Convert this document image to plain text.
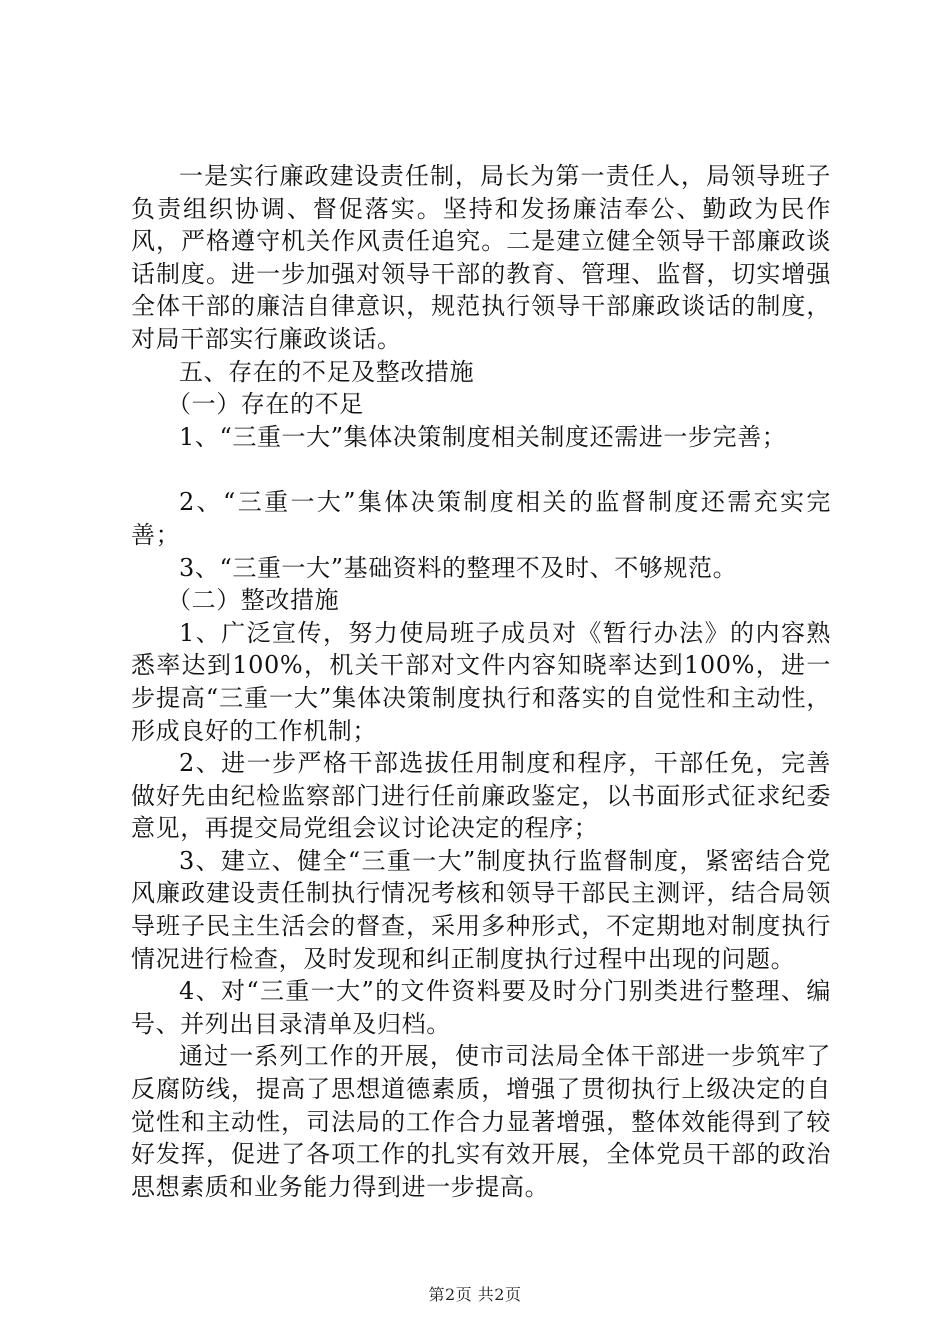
一是实行廉政建设责任制，局长为第一责任人，局领导班子负责组织协调、督促落实。坚持和发扬廉洁奉公、勤政为民作风，严格遵守机关作风责任追究。二是建立健全领导干部廉政谈话制度。进一步加强对领导干部的教育、管理、监督，切实增强全体干部的廉洁自律意识，规范执行领导干部廉政谈话的制度，对局干部实行廉政谈话。

五、存在的不足及整改措施

（一）存在的不足

1、“三重一大”集体决策制度相关制度还需进一步完善；

2、“三重一大”集体决策制度相关的监督制度还需充实完善；

3、“三重一大”基础资料的整理不及时、不够规范。

（二）整改措施

1、广泛宣传，努力使局班子成员对《暂行办法》的内容熟悉率达到100%，机关干部对文件内容知晓率达到100%，进一步提高“三重一大”集体决策制度执行和落实的自觉性和主动性，形成良好的工作机制；

2、进一步严格干部选拔任用制度和程序，干部任免，完善做好先由纪检监察部门进行任前廉政鉴定，以书面形式征求纪委意见，再提交局党组会议讨论决定的程序；

3、建立、健全“三重一大”制度执行监督制度，紧密结合党风廉政建设责任制执行情况考核和领导干部民主测评，结合局领导班子民主生活会的督查，采用多种形式，不定期地对制度执行情况进行检查，及时发现和纠正制度执行过程中出现的问题。

4、对“三重一大”的文件资料要及时分门别类进行整理、编号、并列出目录清单及归档。

通过一系列工作的开展，使市司法局全体干部进一步筑牢了反腐防线，提高了思想道德素质，增强了贯彻执行上级决定的自觉性和主动性，司法局的工作合力显著增强，整体效能得到了较好发挥，促进了各项工作的扎实有效开展，全体党员干部的政治思想素质和业务能力得到进一步提高。

第2页 共2页
